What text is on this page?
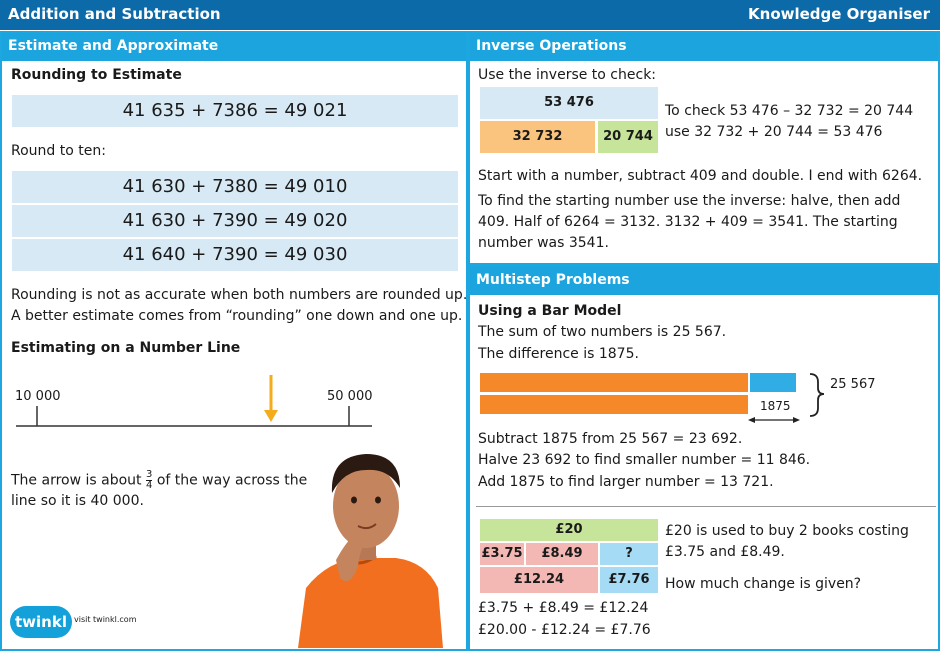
Addition and Subtraction	Knowledge Organiser
Estimate and Approximate
Rounding to Estimate
41 635 + 7386 = 49 021
Round to ten:
41 630 + 7380 = 49 010
41 630 + 7390 = 49 020
41 640 + 7390 = 49 030
Rounding is not as accurate when both numbers are rounded up.
A better estimate comes from “rounding” one down and one up.
Estimating on a Number Line
10 000	50 000
The arrow is about $\frac{3}{4}$ of the way across the
line so it is 40 000.
twinkl visit twinkl.com
Inverse Operations
Use the inverse to check:
53 476
32 732	20 744
To check 53 476 – 32 732 = 20 744
use 32 732 + 20 744 = 53 476
Start with a number, subtract 409 and double. I end with 6264.
To find the starting number use the inverse: halve, then add
409. Half of 6264 = 3132. 3132 + 409 = 3541. The starting
number was 3541.
Multistep Problems
Using a Bar Model
The sum of two numbers is 25 567.
The difference is 1875.
25 567
1875
Subtract 1875 from 25 567 = 23 692.
Halve 23 692 to find smaller number = 11 846.
Add 1875 to find larger number = 13 721.
£20
£3.75	£8.49	?
£12.24	£7.76
£20 is used to buy 2 books costing
£3.75 and £8.49.
How much change is given?
£3.75 + £8.49 = £12.24
£20.00 - £12.24 = £7.76
